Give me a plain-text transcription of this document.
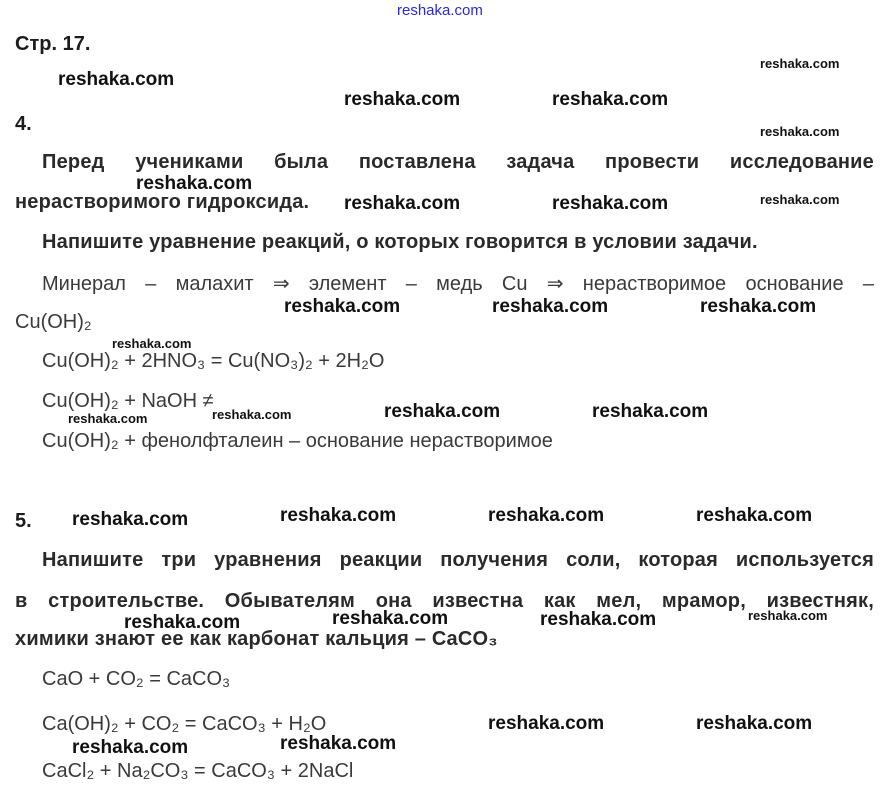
reshaka.com
Стр. 17.
4.
Перед учениками была поставлена задача провести исследование
нерастворимого гидроксида.
Напишите уравнение реакций, о которых говорится в условии задачи.
Минерал – малахит ⇒ элемент – медь Cu ⇒ нерастворимое основание –
Cu(OH)₂
Cu(OH)₂ + 2HNO₃ = Cu(NO₃)₂ + 2H₂O
Cu(OH)₂ + NaOH ≠
Cu(OH)₂ + фенолфталеин – основание нерастворимое
5.
Напишите три уравнения реакции получения соли, которая используется
в строительстве. Обывателям она известна как мел, мрамор, известняк,
химики знают ее как карбонат кальция – CaCO₃
CaO + CO₂ = CaCO₃
Ca(OH)₂ + CO₂ = CaCO₃ + H₂O
CaCl₂ + Na₂CO₃ = CaCO₃ + 2NaCl
reshaka.com
reshaka.com
reshaka.com	reshaka.com
reshaka.com
reshaka.com
reshaka.com	reshaka.com	reshaka.com
reshaka.com	reshaka.com	reshaka.com
reshaka.com
reshaka.com	reshaka.com
reshaka.com	reshaka.com
reshaka.com	reshaka.com	reshaka.com	reshaka.com
reshaka.com	reshaka.com	reshaka.com	reshaka.com
reshaka.com	reshaka.com
reshaka.com	reshaka.com
